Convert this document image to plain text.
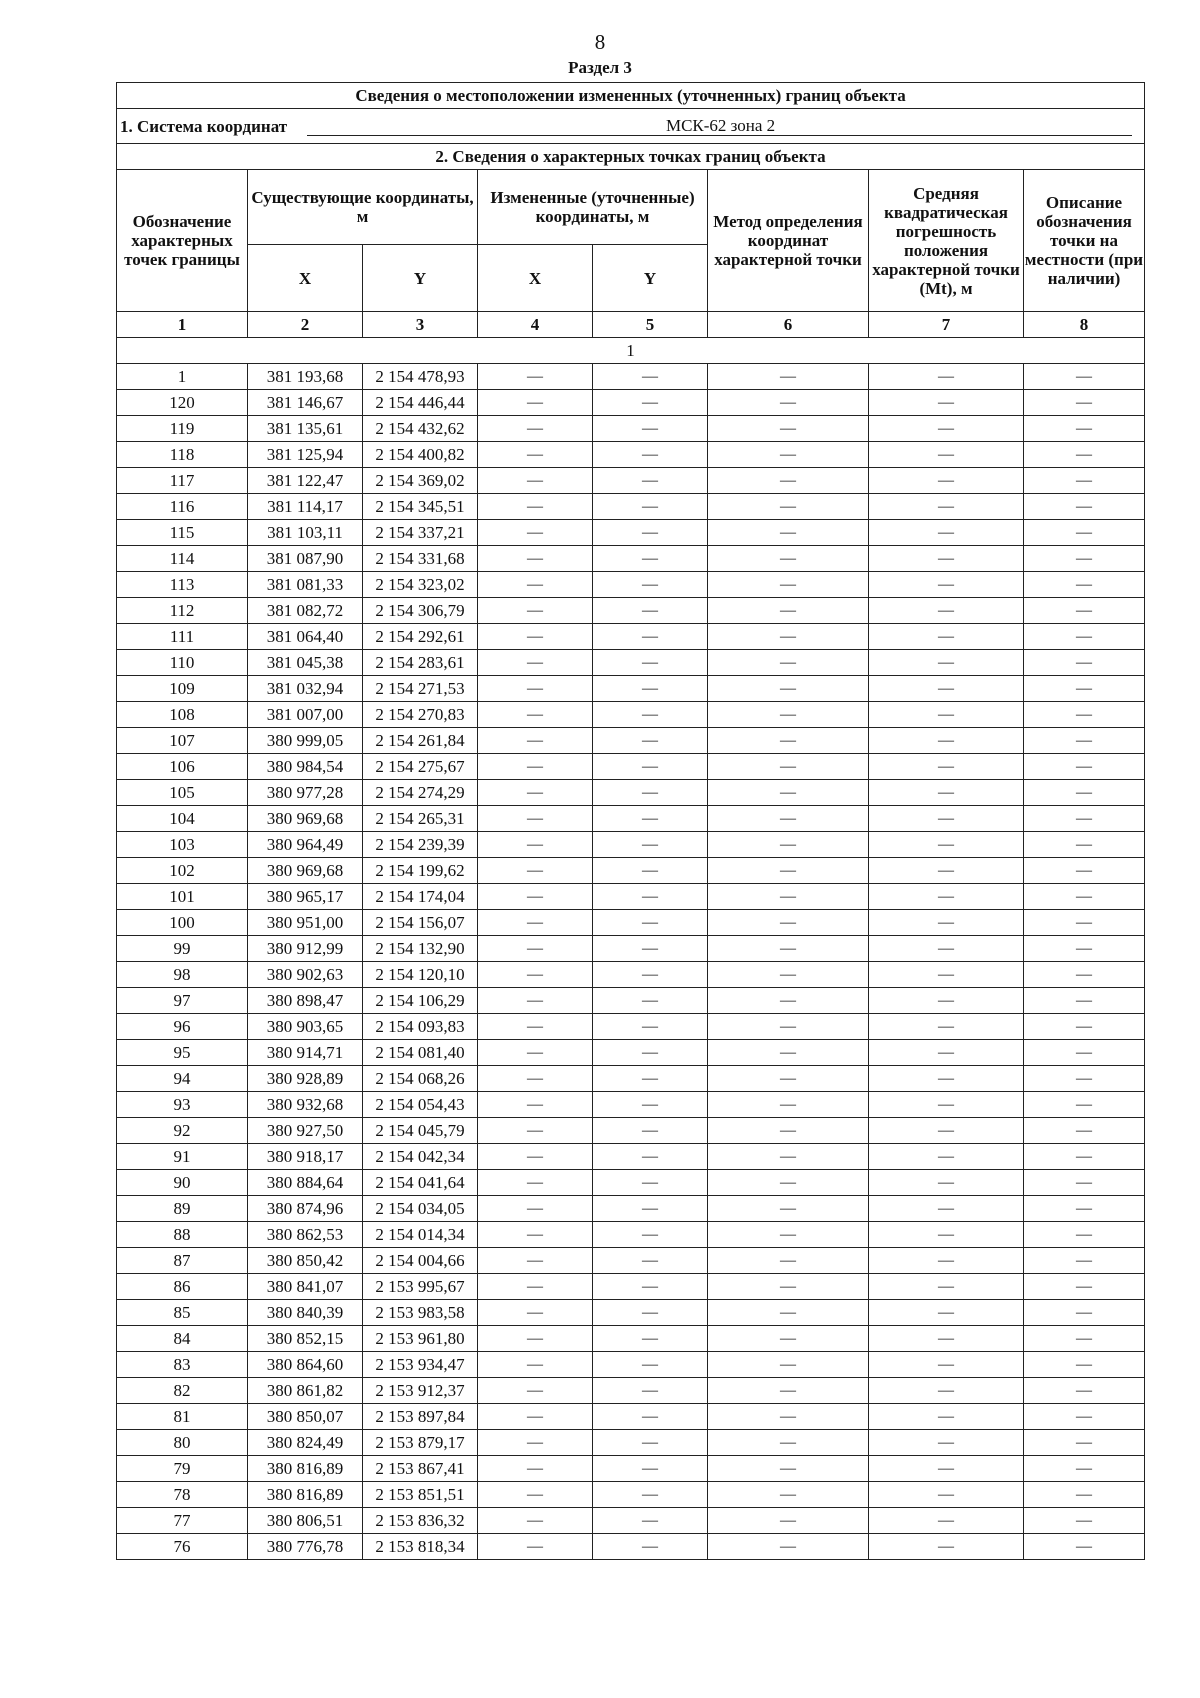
8
Раздел 3
Сведения о местоположении измененных (уточненных) границ объекта							

1. Система координат МСК-62 зона 2							

2. Сведения о характерных точках границ объекта							
Обозначение характерных точек границы	Существующие координаты, м		Измененные (уточненные) координаты, м		Метод определения координат характерной точки	Средняя квадратическая погрешность положения характерной точки (Mt), м	Описание обозначения точки на местности (при наличии)
	X	Y	X	Y			
1	2	3	4	5	6	7	8
1							
1	381 193,68	2 154 478,93	—	—	—	—	—
120	381 146,67	2 154 446,44	—	—	—	—	—
119	381 135,61	2 154 432,62	—	—	—	—	—
118	381 125,94	2 154 400,82	—	—	—	—	—
117	381 122,47	2 154 369,02	—	—	—	—	—
116	381 114,17	2 154 345,51	—	—	—	—	—
115	381 103,11	2 154 337,21	—	—	—	—	—
114	381 087,90	2 154 331,68	—	—	—	—	—
113	381 081,33	2 154 323,02	—	—	—	—	—
112	381 082,72	2 154 306,79	—	—	—	—	—
111	381 064,40	2 154 292,61	—	—	—	—	—
110	381 045,38	2 154 283,61	—	—	—	—	—
109	381 032,94	2 154 271,53	—	—	—	—	—
108	381 007,00	2 154 270,83	—	—	—	—	—
107	380 999,05	2 154 261,84	—	—	—	—	—
106	380 984,54	2 154 275,67	—	—	—	—	—
105	380 977,28	2 154 274,29	—	—	—	—	—
104	380 969,68	2 154 265,31	—	—	—	—	—
103	380 964,49	2 154 239,39	—	—	—	—	—
102	380 969,68	2 154 199,62	—	—	—	—	—
101	380 965,17	2 154 174,04	—	—	—	—	—
100	380 951,00	2 154 156,07	—	—	—	—	—
99	380 912,99	2 154 132,90	—	—	—	—	—
98	380 902,63	2 154 120,10	—	—	—	—	—
97	380 898,47	2 154 106,29	—	—	—	—	—
96	380 903,65	2 154 093,83	—	—	—	—	—
95	380 914,71	2 154 081,40	—	—	—	—	—
94	380 928,89	2 154 068,26	—	—	—	—	—
93	380 932,68	2 154 054,43	—	—	—	—	—
92	380 927,50	2 154 045,79	—	—	—	—	—
91	380 918,17	2 154 042,34	—	—	—	—	—
90	380 884,64	2 154 041,64	—	—	—	—	—
89	380 874,96	2 154 034,05	—	—	—	—	—
88	380 862,53	2 154 014,34	—	—	—	—	—
87	380 850,42	2 154 004,66	—	—	—	—	—
86	380 841,07	2 153 995,67	—	—	—	—	—
85	380 840,39	2 153 983,58	—	—	—	—	—
84	380 852,15	2 153 961,80	—	—	—	—	—
83	380 864,60	2 153 934,47	—	—	—	—	—
82	380 861,82	2 153 912,37	—	—	—	—	—
81	380 850,07	2 153 897,84	—	—	—	—	—
80	380 824,49	2 153 879,17	—	—	—	—	—
79	380 816,89	2 153 867,41	—	—	—	—	—
78	380 816,89	2 153 851,51	—	—	—	—	—
77	380 806,51	2 153 836,32	—	—	—	—	—
76	380 776,78	2 153 818,34	—	—	—	—	—
